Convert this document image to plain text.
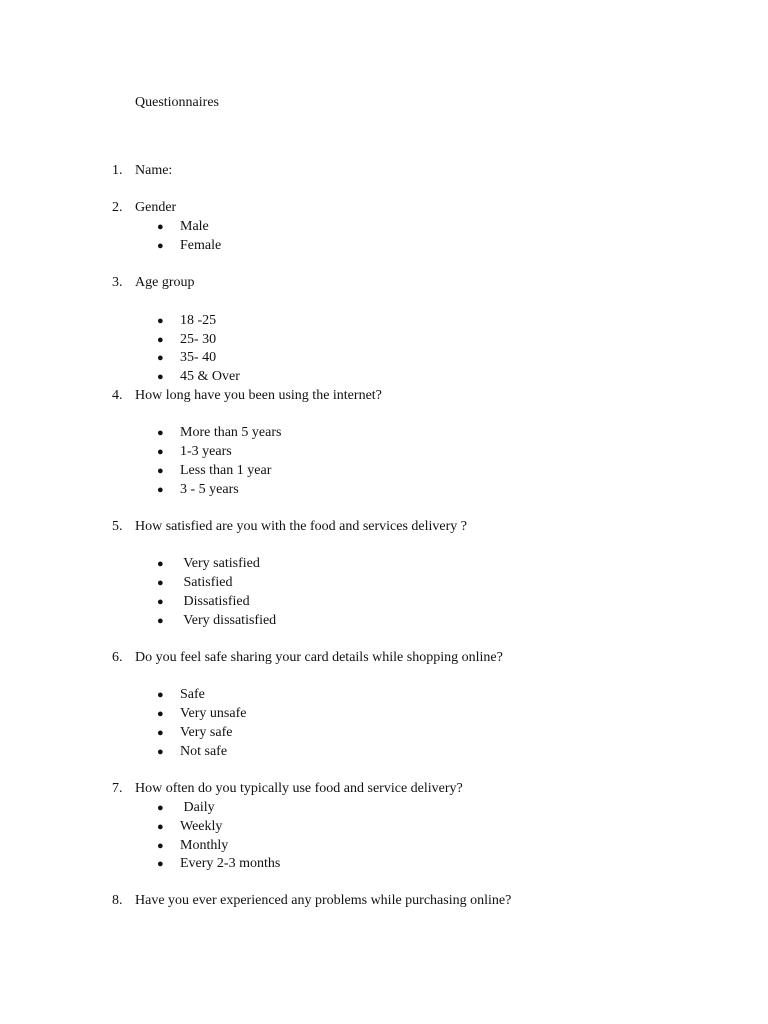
Questionnaires
1. Name:
2. Gender
● Male
● Female
3. Age group
● 18 -25
● 25- 30
● 35- 40
● 45 & Over
4. How long have you been using the internet?
● More than 5 years
● 1-3 years
● Less than 1 year
● 3 - 5 years
5. How satisfied are you with the food and services delivery ?
● Very satisfied
● Satisfied
● Dissatisfied
● Very dissatisfied
6. Do you feel safe sharing your card details while shopping online?
● Safe
● Very unsafe
● Very safe
● Not safe
7. How often do you typically use food and service delivery?
● Daily
● Weekly
● Monthly
● Every 2-3 months
8. Have you ever experienced any problems while purchasing online?
